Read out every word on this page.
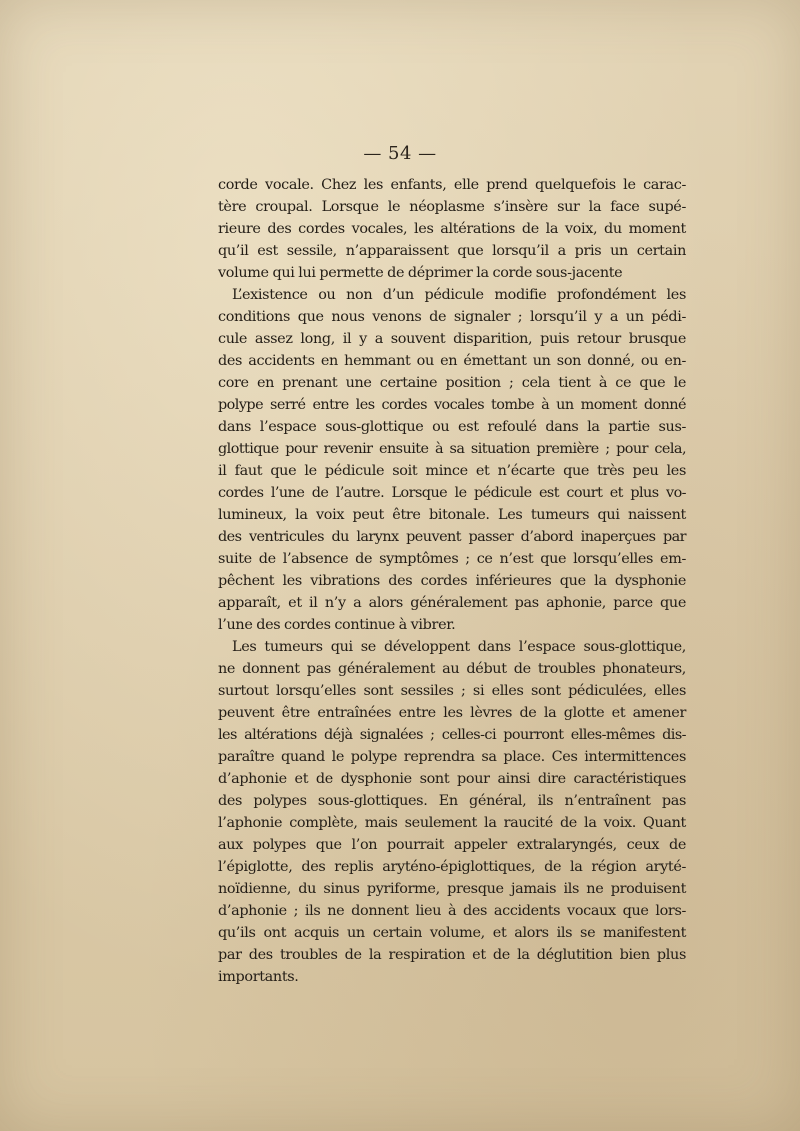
— 54 —
corde vocale. Chez les enfants, elle prend quelquefois le carac-
tère croupal. Lorsque le néoplasme s’insère sur la face supé-
rieure des cordes vocales, les altérations de la voix, du moment
qu’il est sessile, n’apparaissent que lorsqu’il a pris un certain
volume qui lui permette de déprimer la corde sous-jacente
L’existence ou non d’un pédicule modifie profondément les
conditions que nous venons de signaler ; lorsqu’il y a un pédi-
cule assez long, il y a souvent disparition, puis retour brusque
des accidents en hemmant ou en émettant un son donné, ou en-
core en prenant une certaine position ; cela tient à ce que le
polype serré entre les cordes vocales tombe à un moment donné
dans l’espace sous-glottique ou est refoulé dans la partie sus-
glottique pour revenir ensuite à sa situation première ; pour cela,
il faut que le pédicule soit mince et n’écarte que très peu les
cordes l’une de l’autre. Lorsque le pédicule est court et plus vo-
lumineux, la voix peut être bitonale. Les tumeurs qui naissent
des ventricules du larynx peuvent passer d’abord inaperçues par
suite de l’absence de symptômes ; ce n’est que lorsqu’elles em-
pêchent les vibrations des cordes inférieures que la dysphonie
apparaît, et il n’y a alors généralement pas aphonie, parce que
l’une des cordes continue à vibrer.
Les tumeurs qui se développent dans l’espace sous-glottique,
ne donnent pas généralement au début de troubles phonateurs,
surtout lorsqu’elles sont sessiles ; si elles sont pédiculées, elles
peuvent être entraînées entre les lèvres de la glotte et amener
les altérations déjà signalées ; celles-ci pourront elles-mêmes dis-
paraître quand le polype reprendra sa place. Ces intermittences
d’aphonie et de dysphonie sont pour ainsi dire caractéristiques
des polypes sous-glottiques. En général, ils n’entraînent pas
l’aphonie complète, mais seulement la raucité de la voix. Quant
aux polypes que l’on pourrait appeler extralaryngés, ceux de
l’épiglotte, des replis aryténo-épiglottiques, de la région aryté-
noïdienne, du sinus pyriforme, presque jamais ils ne produisent
d’aphonie ; ils ne donnent lieu à des accidents vocaux que lors-
qu’ils ont acquis un certain volume, et alors ils se manifestent
par des troubles de la respiration et de la déglutition bien plus
importants.
